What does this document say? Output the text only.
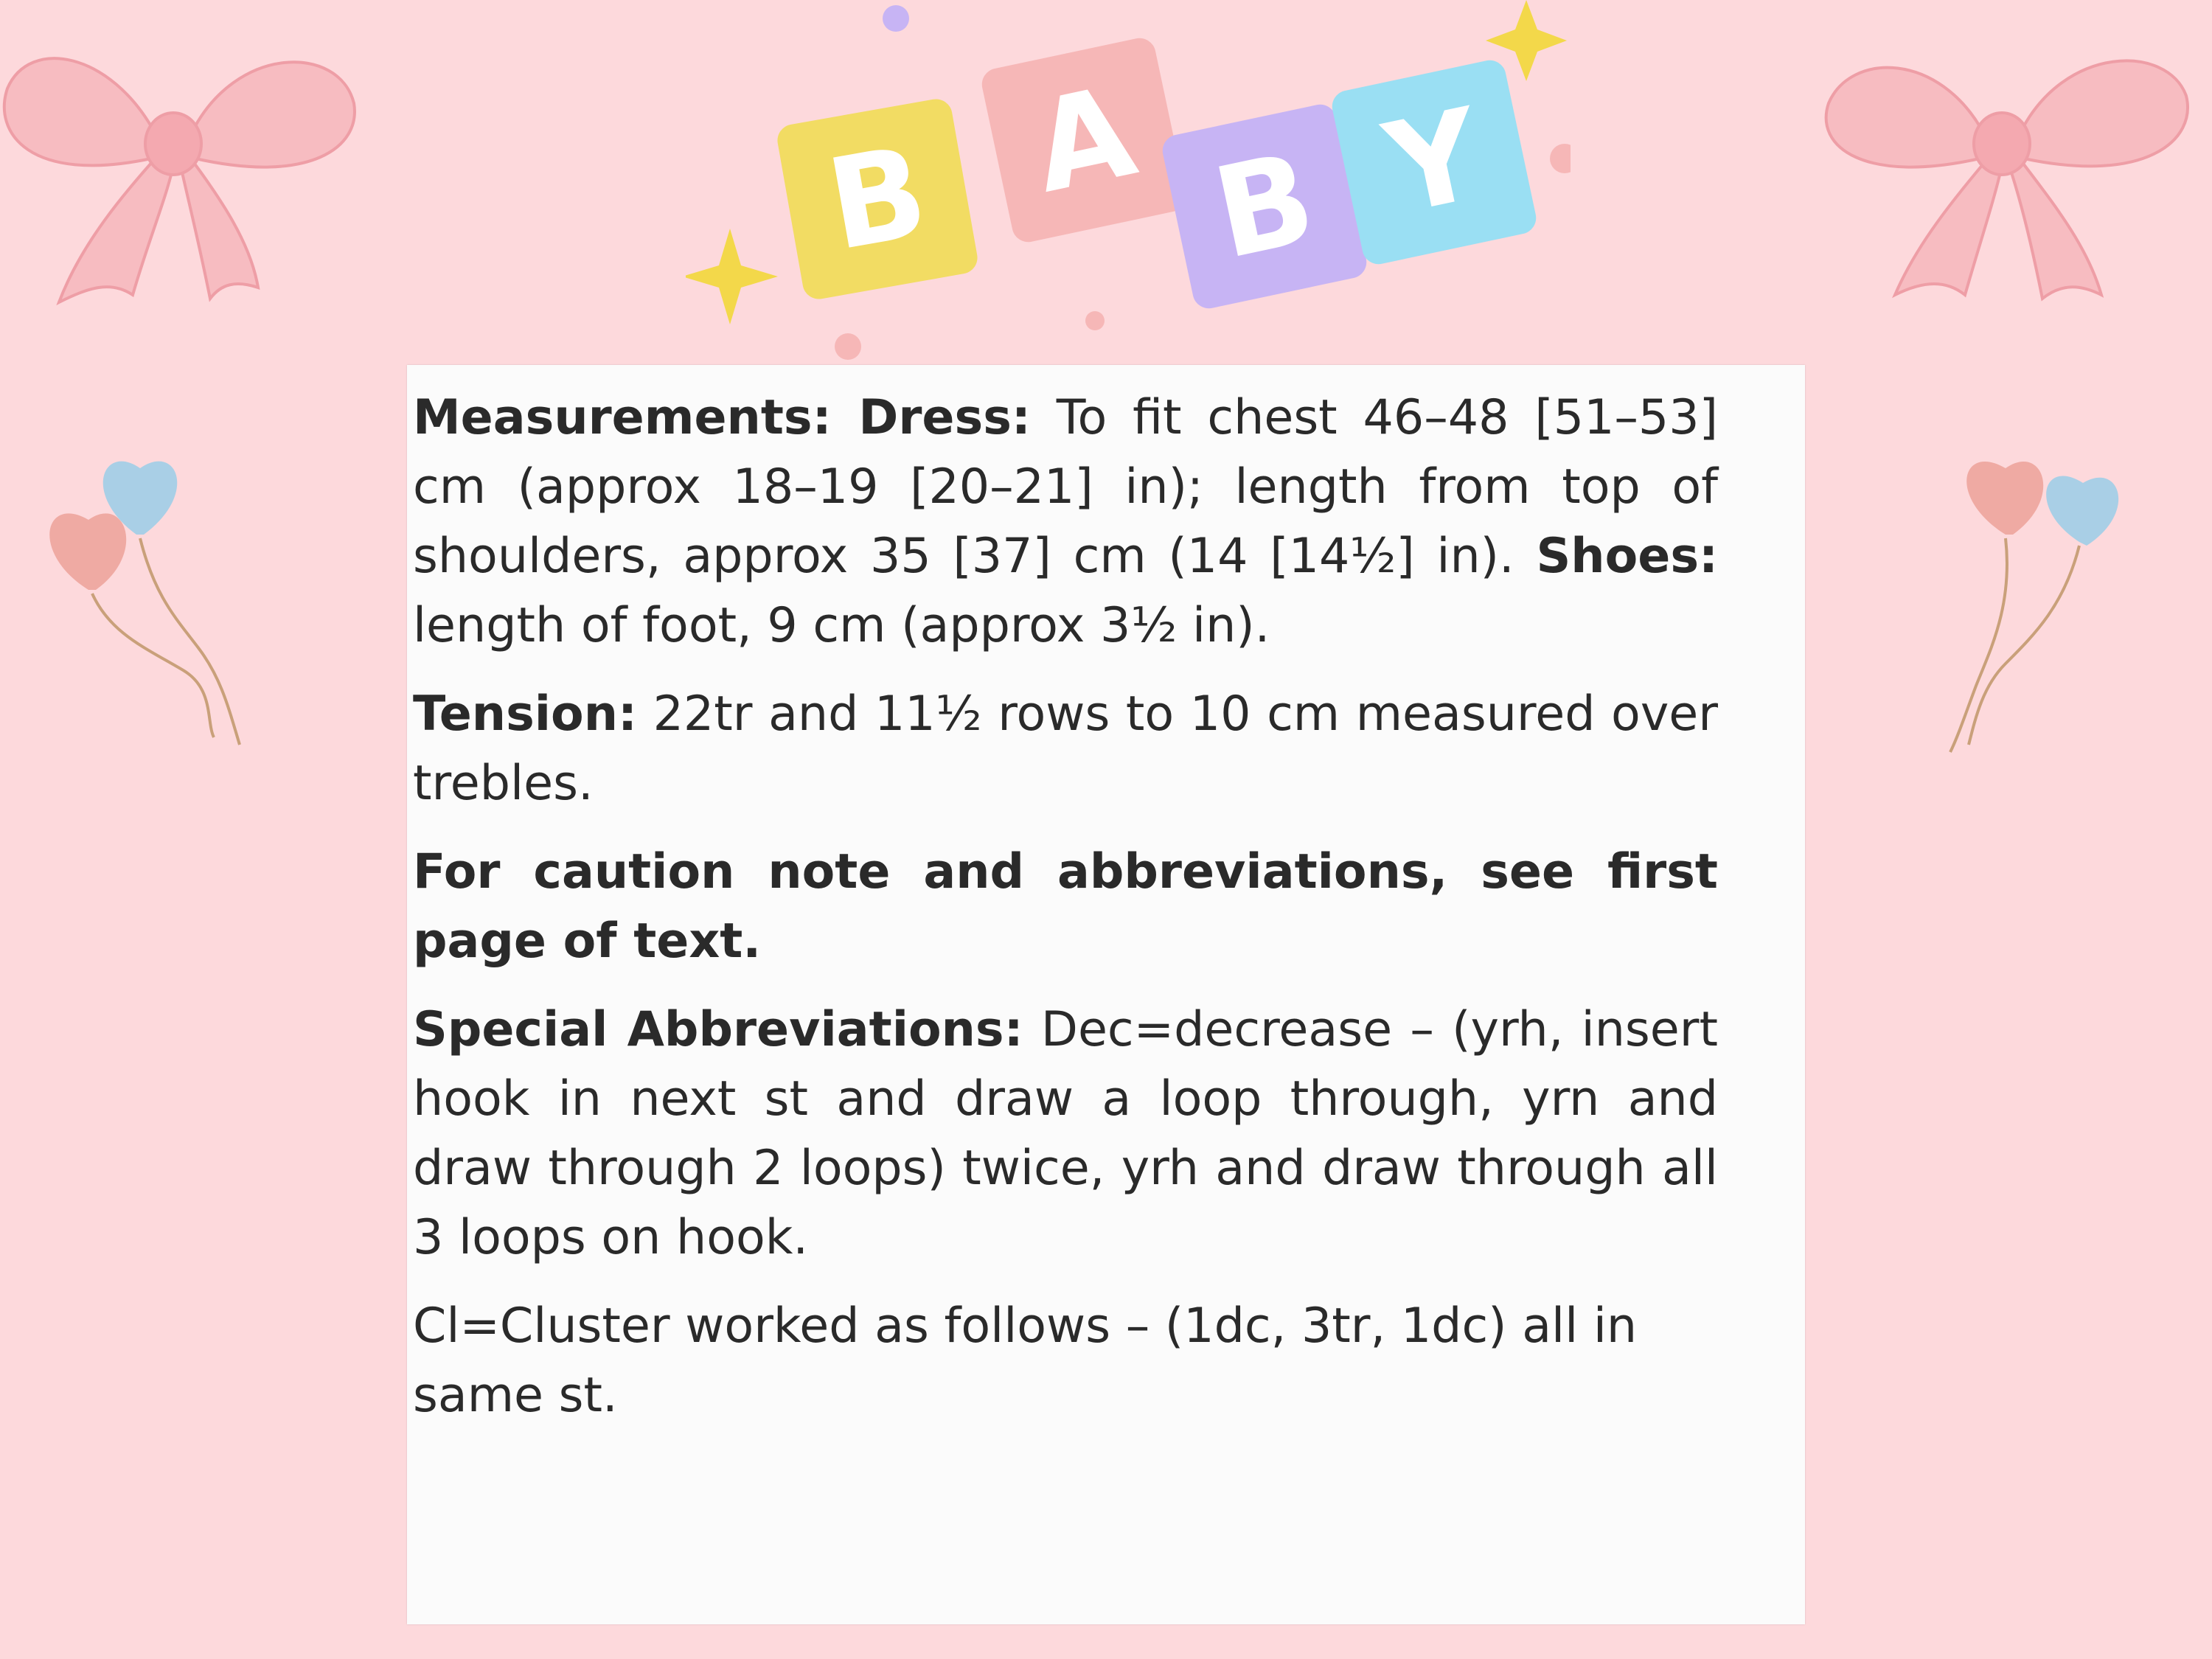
B A B Y

Measurements: Dress: To fit chest 46–48 [51–53] cm (approx 18–19 [20–21] in); length from top of shoulders, approx 35 [37] cm (14 [14½] in). Shoes: length of foot, 9 cm (approx 3½ in).

Tension: 22tr and 11½ rows to 10 cm measured over trebles.

For caution note and abbreviations, see first page of text.

Special Abbreviations: Dec=decrease – (yrh, insert hook in next st and draw a loop through, yrn and draw through 2 loops) twice, yrh and draw through all 3 loops on hook.

Cl=Cluster worked as follows – (1dc, 3tr, 1dc) all in same st.
